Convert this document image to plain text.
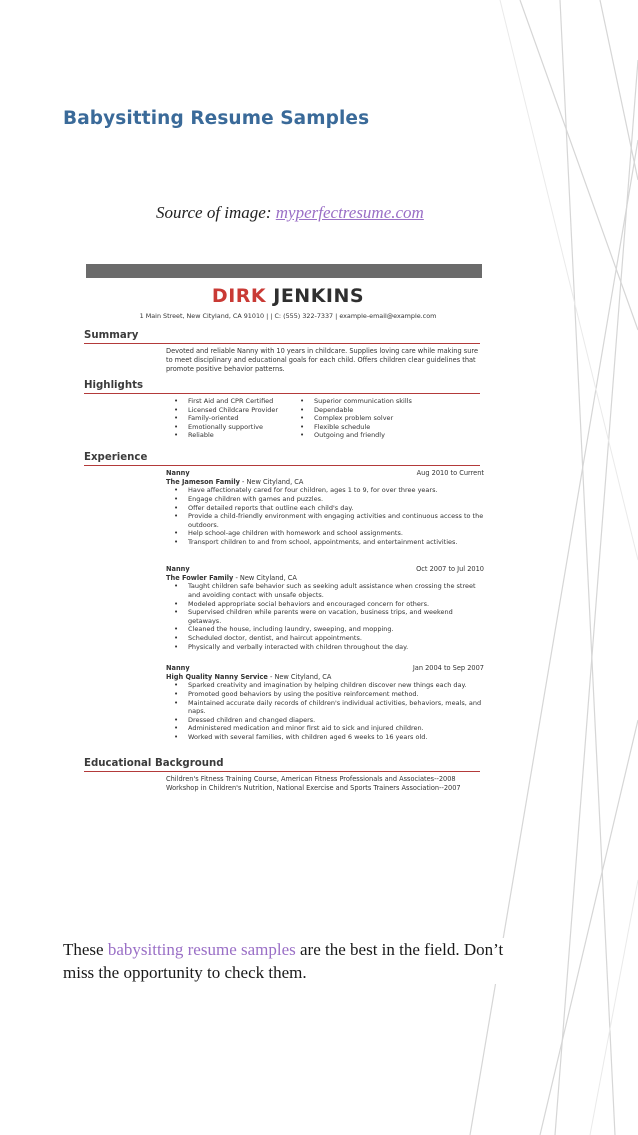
Babysitting Resume Samples
Source of image: myperfectresume.com
DIRK JENKINS
1 Main Street, New Cityland, CA 91010 | | C: (555) 322-7337 | example-email@example.com
Summary
Devoted and reliable Nanny with 10 years in childcare. Supplies loving care while making sure to meet disciplinary and educational goals for each child. Offers children clear guidelines that promote positive behavior patterns.
Highlights
• First Aid and CPR Certified
• Licensed Childcare Provider
• Family-oriented
• Emotionally supportive
• Reliable
• Superior communication skills
• Dependable
• Complex problem solver
• Flexible schedule
• Outgoing and friendly
Experience
Nanny	Aug 2010 to Current
The Jameson Family - New Cityland, CA
• Have affectionately cared for four children, ages 1 to 9, for over three years.
• Engage children with games and puzzles.
• Offer detailed reports that outline each child's day.
• Provide a child-friendly environment with engaging activities and continuous access to the outdoors.
• Help school-age children with homework and school assignments.
• Transport children to and from school, appointments, and entertainment activities.
Nanny	Oct 2007 to Jul 2010
The Fowler Family - New Cityland, CA
• Taught children safe behavior such as seeking adult assistance when crossing the street and avoiding contact with unsafe objects.
• Modeled appropriate social behaviors and encouraged concern for others.
• Supervised children while parents were on vacation, business trips, and weekend getaways.
• Cleaned the house, including laundry, sweeping, and mopping.
• Scheduled doctor, dentist, and haircut appointments.
• Physically and verbally interacted with children throughout the day.
Nanny	Jan 2004 to Sep 2007
High Quality Nanny Service - New Cityland, CA
• Sparked creativity and imagination by helping children discover new things each day.
• Promoted good behaviors by using the positive reinforcement method.
• Maintained accurate daily records of children's individual activities, behaviors, meals, and naps.
• Dressed children and changed diapers.
• Administered medication and minor first aid to sick and injured children.
• Worked with several families, with children aged 6 weeks to 16 years old.
Educational Background
Children's Fitness Training Course, American Fitness Professionals and Associates--2008
Workshop in Children's Nutrition, National Exercise and Sports Trainers Association--2007
These babysitting resume samples are the best in the field. Don’t miss the opportunity to check them.
